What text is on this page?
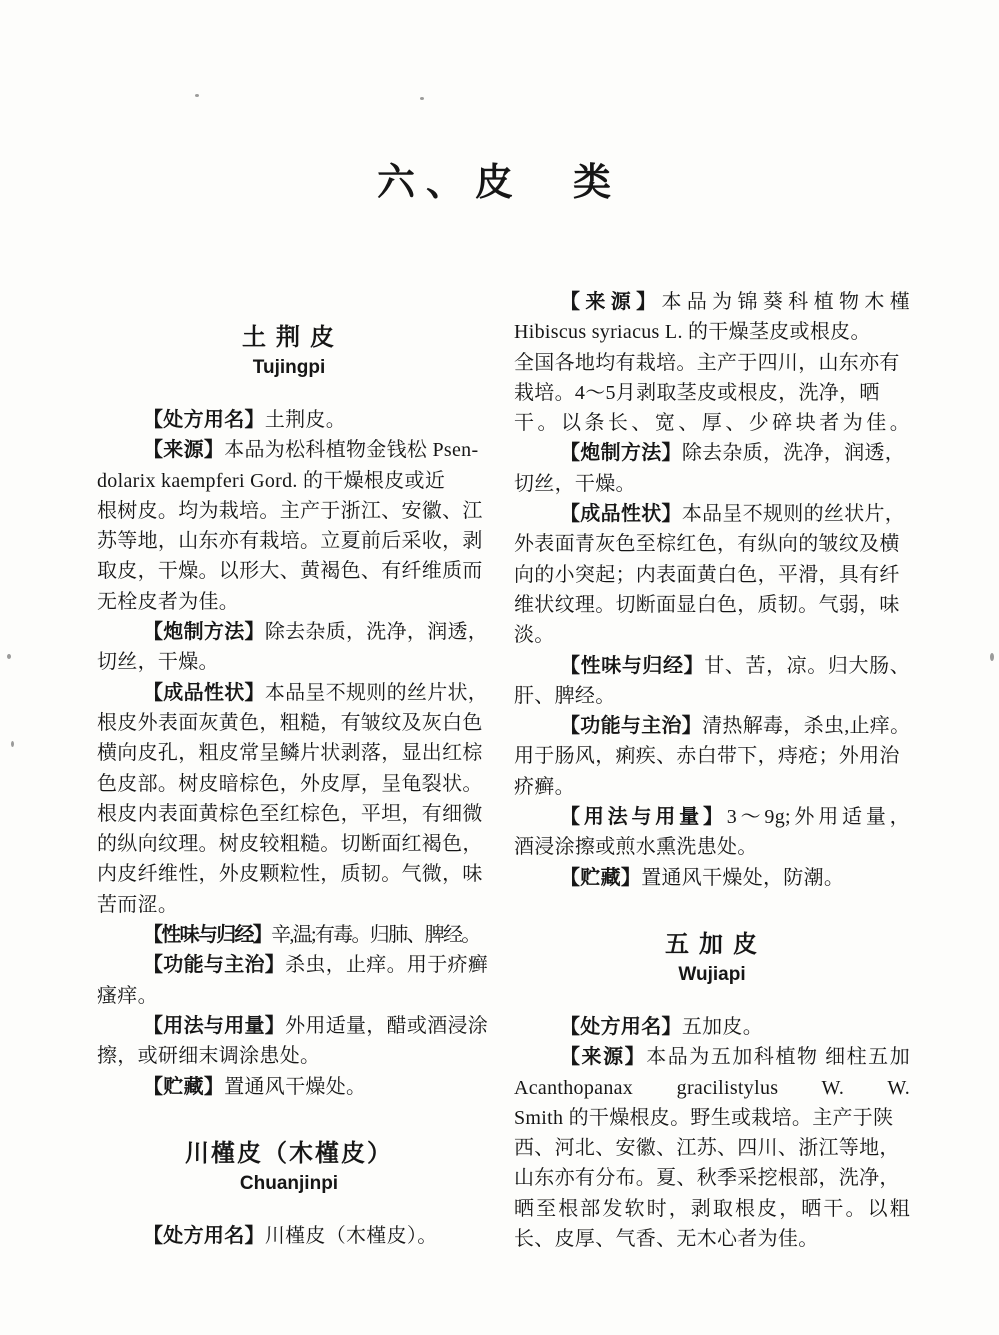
六、皮　类
土 荆 皮
Tujingpi
【处方用名】土荆皮。
【来源】本品为松科植物金钱松 Psen-
dolarix kaempferi Gord. 的干燥根皮或近
根树皮。均为栽培。主产于浙江、安徽、江
苏等地，山东亦有栽培。立夏前后采收，剥
取皮，干燥。以形大、黄褐色、有纤维质而
无栓皮者为佳。
【炮制方法】除去杂质，洗净，润透，
切丝，干燥。
【成品性状】本品呈不规则的丝片状，
根皮外表面灰黄色，粗糙，有皱纹及灰白色
横向皮孔，粗皮常呈鳞片状剥落，显出红棕
色皮部。树皮暗棕色，外皮厚，呈龟裂状。
根皮内表面黄棕色至红棕色，平坦，有细微
的纵向纹理。树皮较粗糙。切断面红褐色，
内皮纤维性，外皮颗粒性，质韧。气微，味
苦而涩。
【性味与归经】辛,温;有毒。归肺、脾经。
【功能与主治】杀虫，止痒。用于疥癣
瘙痒。
【用法与用量】外用适量，醋或酒浸涂
擦，或研细末调涂患处。
【贮藏】置通风干燥处。
川槿皮（木槿皮）
Chuanjinpi
【处方用名】川槿皮（木槿皮）。
【来源】本品为锦葵科植物木槿
Hibiscus syriacus L. 的干燥茎皮或根皮。
全国各地均有栽培。主产于四川，山东亦有
栽培。4～5月剥取茎皮或根皮，洗净，晒
干。以条长、宽、厚、少碎块者为佳。
【炮制方法】除去杂质，洗净，润透，
切丝，干燥。
【成品性状】本品呈不规则的丝状片，
外表面青灰色至棕红色，有纵向的皱纹及横
向的小突起；内表面黄白色，平滑，具有纤
维状纹理。切断面显白色，质韧。气弱，味
淡。
【性味与归经】甘、苦，凉。归大肠、
肝、脾经。
【功能与主治】清热解毒，杀虫,止痒。
用于肠风，痢疾、赤白带下，痔疮；外用治
疥癣。
【用法与用量】3～9g;外用适量，
酒浸涂擦或煎水熏洗患处。
【贮藏】置通风干燥处，防潮。
五 加 皮
Wujiapi
【处方用名】五加皮。
【来源】本品为五加科植物 细柱五加
Acanthopanax gracilistylus W. W.
Smith 的干燥根皮。野生或栽培。主产于陕
西、河北、安徽、江苏、四川、浙江等地，
山东亦有分布。夏、秋季采挖根部，洗净，
晒至根部发软时，剥取根皮，晒干。以粗
长、皮厚、气香、无木心者为佳。
